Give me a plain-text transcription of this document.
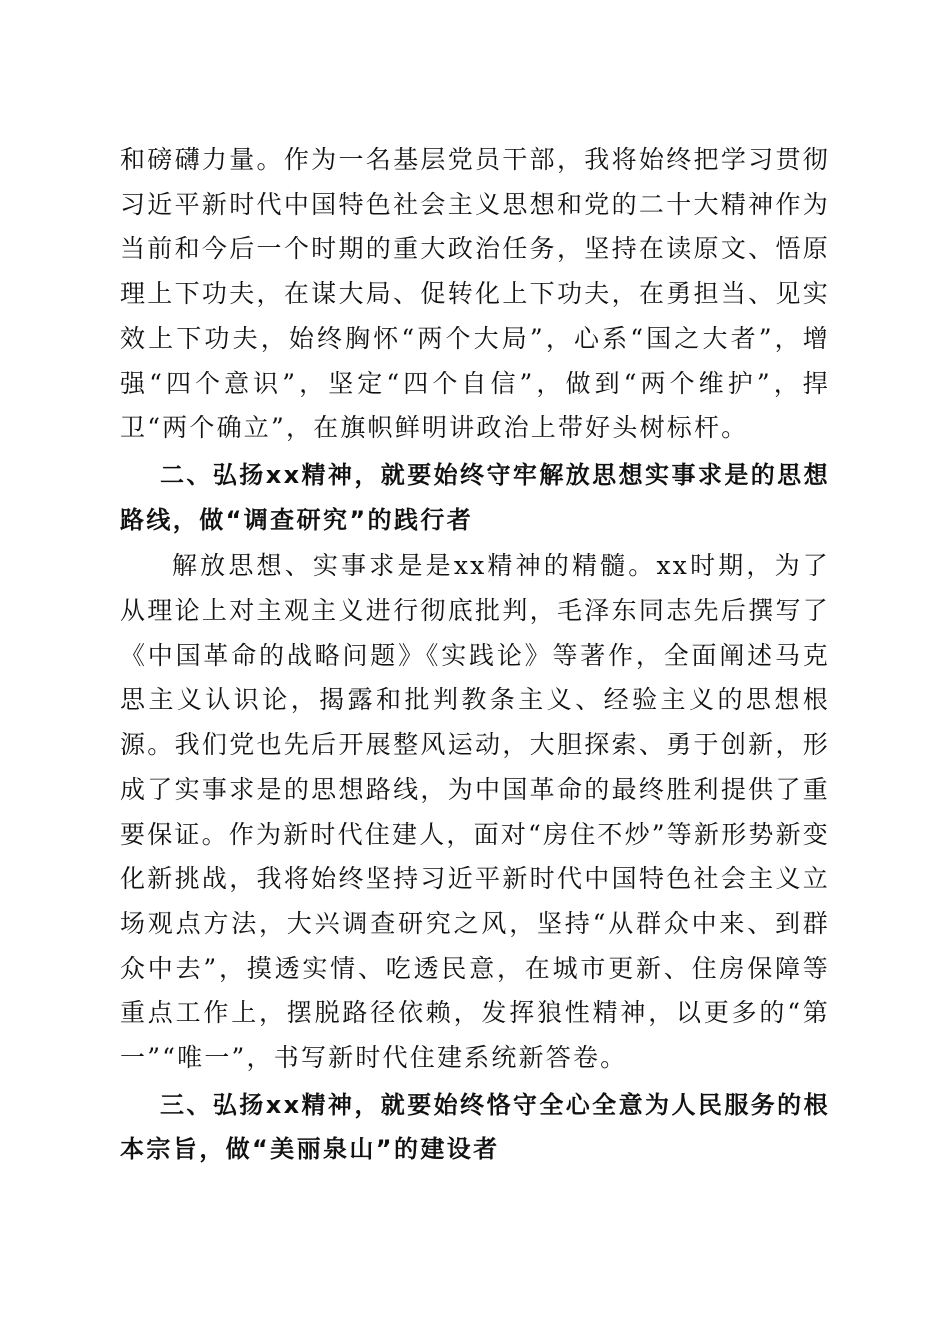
和磅礴力量。作为一名基层党员干部，我将始终把学习贯彻习近平新时代中国特色社会主义思想和党的二十大精神作为当前和今后一个时期的重大政治任务，坚持在读原文、悟原理上下功夫，在谋大局、促转化上下功夫，在勇担当、见实效上下功夫，始终胸怀“两个大局”，心系“国之大者”，增强“四个意识”，坚定“四个自信”，做到“两个维护”，捍卫“两个确立”，在旗帜鲜明讲政治上带好头树标杆。

二、弘扬xx精神，就要始终守牢解放思想实事求是的思想路线，做“调查研究”的践行者

解放思想、实事求是是xx精神的精髓。xx时期，为了从理论上对主观主义进行彻底批判，毛泽东同志先后撰写了《中国革命的战略问题》《实践论》等著作，全面阐述马克思主义认识论，揭露和批判教条主义、经验主义的思想根源。我们党也先后开展整风运动，大胆探索、勇于创新，形成了实事求是的思想路线，为中国革命的最终胜利提供了重要保证。作为新时代住建人，面对“房住不炒”等新形势新变化新挑战，我将始终坚持习近平新时代中国特色社会主义立场观点方法，大兴调查研究之风，坚持“从群众中来、到群众中去”，摸透实情、吃透民意，在城市更新、住房保障等重点工作上，摆脱路径依赖，发挥狼性精神，以更多的“第一”“唯一”，书写新时代住建系统新答卷。

三、弘扬xx精神，就要始终恪守全心全意为人民服务的根本宗旨，做“美丽泉山”的建设者
